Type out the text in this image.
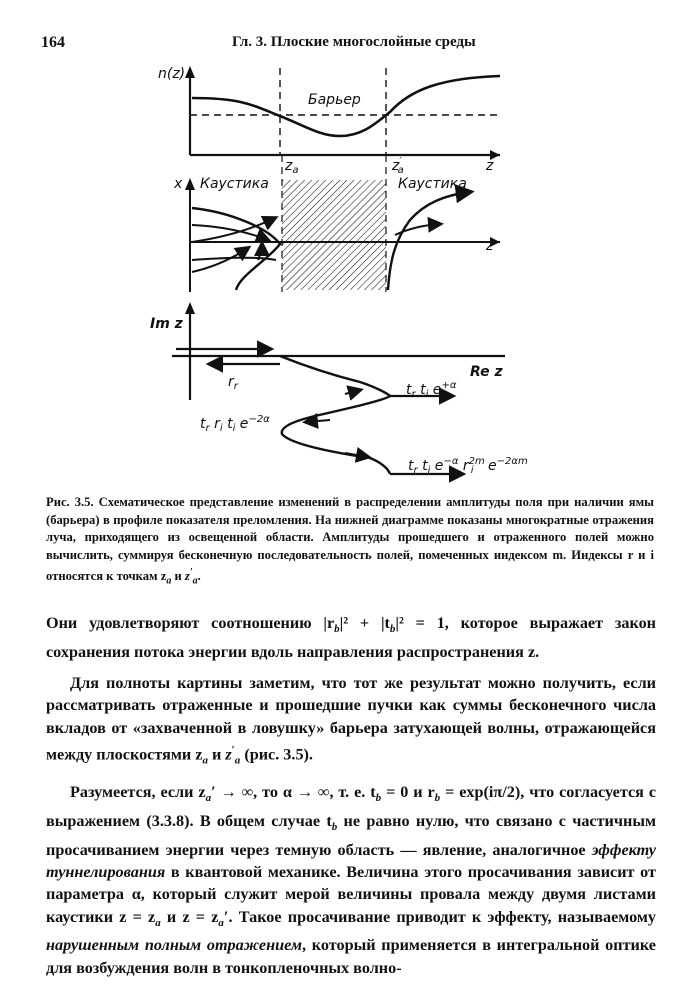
164	Гл. 3. Плоские многослойные среды
n(z)
Барьер
$z_a$	z′ a	z
x Каустика	Каустика
z
Im z
Re z
$r_r$	$t_r$ $t_i$ $e^{+\alpha}$
$t_r$ $r_i$ $t_i$ $e^{-2\alpha}$
$t_r$ $t_i$ $e^{-\alpha}$ $r^{2m}$ i $e^{-2\alpha m}$
Рис. 3.5. Схематическое представление изменений в распределении амплитуды поля при наличии ямы (барьера) в профиле показателя преломления. На нижней диаграмме показаны многократные отражения луча, приходящего из освещенной области. Амплитуды прошедшего и отраженного полей можно вычислить, суммируя бесконечную последовательность полей, помеченных индексом m. Индексы r и i относятся к точкам $z_a$ и $z'_a$.

Они удовлетворяют соотношению $|r_b|^2 + |t_b|^2 = 1$, которое выражает закон сохранения потока энергии вдоль направления распространения z.

Для полноты картины заметим, что тот же результат можно получить, если рассматривать отраженные и прошедшие пучки как суммы бесконечного числа вкладов от «захваченной в ловушку» барьера затухающей волны, отражающейся между плоскостями $z_a$ и $z'_a$ (рис. 3.5).

Разумеется, если $z_a'$ → ∞, то α → ∞, т. е. $t_b = 0$ и $r_b = \exp(i\pi/2)$, что согласуется с выражением (3.3.8). В общем случае $t_b$ не равно нулю, что связано с частичным просачиванием энергии через темную область — явление, аналогичное эффекту туннелирования в квантовой механике. Величина этого просачивания зависит от параметра α, который служит мерой величины провала между двумя листами каустики $z = z_a$ и $z = z_a'$. Такое просачивание приводит к эффекту, называемому нарушенным полным отражением, который применяется в интегральной оптике для возбуждения волн в тонкопленочных волно-
